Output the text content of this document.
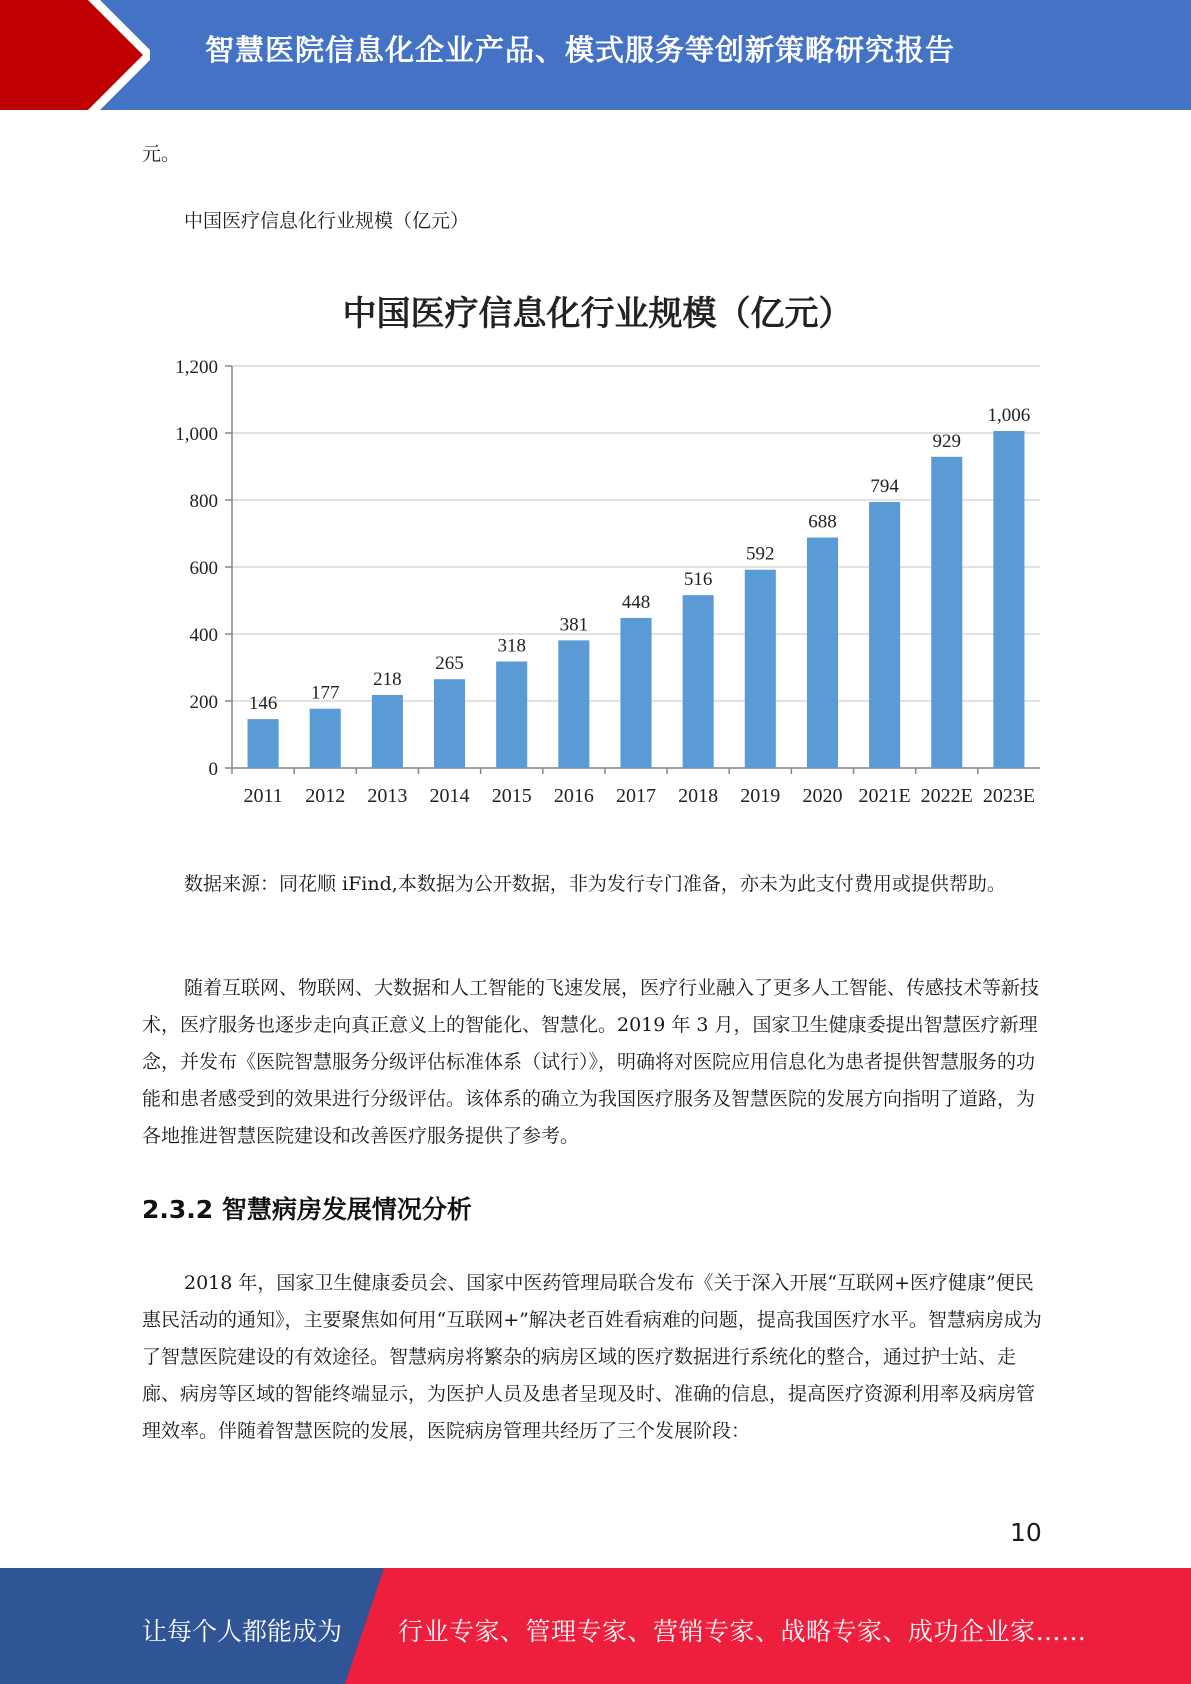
智慧医院信息化企业产品、模式服务等创新策略研究报告
元。
中国医疗信息化行业规模（亿元）
中国医疗信息化行业规模（亿元）
0
200
400
600
800
1,000
1,200
146
2011
177
2012
218
2013
265
2014
318
2015
381
2016
448
2017
516
2018
592
2019
688
2020
794
2021E
929
2022E
1,006
2023E
数据来源：同花顺 iFind,本数据为公开数据，非为发行专门准备，亦未为此支付费用或提供帮助。
随着互联网、物联网、大数据和人工智能的飞速发展，医疗行业融入了更多人工智能、传感技术等新技术，医疗服务也逐步走向真正意义上的智能化、智慧化。2019 年 3 月，国家卫生健康委提出智慧医疗新理念，并发布《医院智慧服务分级评估标准体系（试行）》，明确将对医院应用信息化为患者提供智慧服务的功能和患者感受到的效果进行分级评估。该体系的确立为我国医疗服务及智慧医院的发展方向指明了道路，为各地推进智慧医院建设和改善医疗服务提供了参考。
2.3.2 智慧病房发展情况分析
2018 年，国家卫生健康委员会、国家中医药管理局联合发布《关于深入开展“互联网+医疗健康”便民惠民活动的通知》，主要聚焦如何用“互联网+”解决老百姓看病难的问题，提高我国医疗水平。智慧病房成为了智慧医院建设的有效途径。智慧病房将繁杂的病房区域的医疗数据进行系统化的整合，通过护士站、走廊、病房等区域的智能终端显示，为医护人员及患者呈现及时、准确的信息，提高医疗资源利用率及病房管理效率。伴随着智慧医院的发展，医院病房管理共经历了三个发展阶段：
10
让每个人都能成为 行业专家、管理专家、营销专家、战略专家、成功企业家……
